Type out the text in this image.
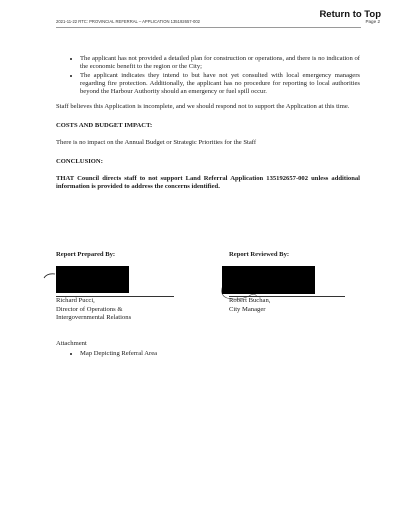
Return to Top
2021-11-22 RTC: PROVINCIAL REFERRAL – APPLICATION 135192657-002	Page 2
• The applicant has not provided a detailed plan for construction or operations, and there is no indication of the economic benefit to the region or the City;
• The applicant indicates they intend to but have not yet consulted with local emergency managers regarding fire protection. Additionally, the applicant has no procedure for reporting to local authorities beyond the Harbour Authority should an emergency or fuel spill occur.

Staff believes this Application is incomplete, and we should respond not to support the Application at this time.

COSTS AND BUDGET IMPACT:

There is no impact on the Annual Budget or Strategic Priorities for the Staff

CONCLUSION:

THAT Council directs staff to not support Land Referral Application 135192657-002 unless additional information is provided to address the concerns identified.

Report Prepared By:	Report Reviewed By:
Richard Pucci,
Director of Operations &
Intergovernmental Relations
Robert Buchan,
City Manager
Attachment
• Map Depicting Referral Area
